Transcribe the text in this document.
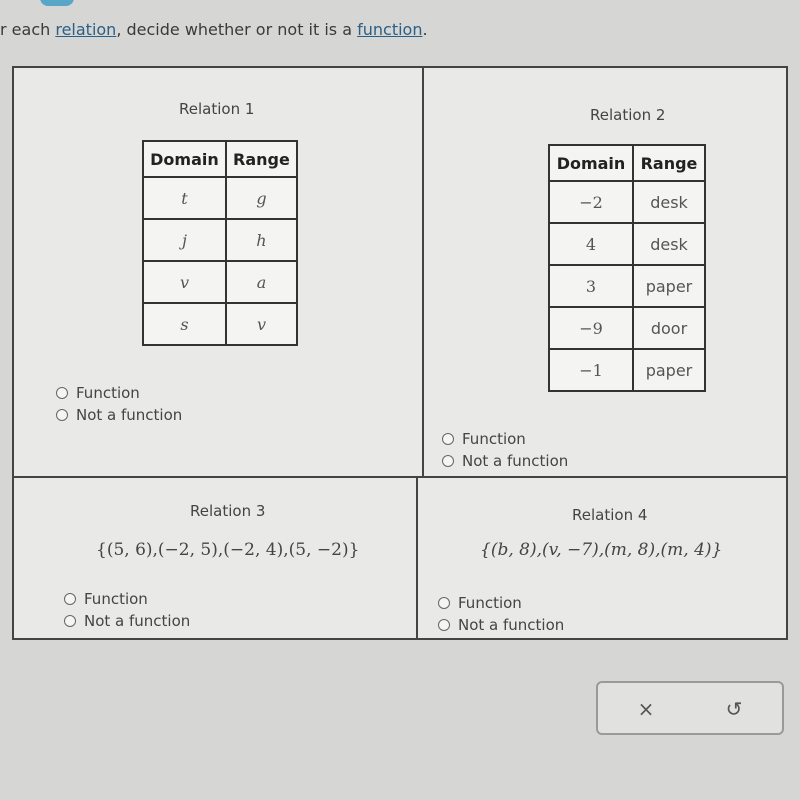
r each relation, decide whether or not it is a function.
Relation 1
Domain	Range
t	g
j	h
v	a
s	v
Function
Not a function
Relation 2
Domain	Range
−2	desk
4	desk
3	paper
−9	door
−1	paper
Function
Not a function
Relation 3
{(5, 6),(−2, 5),(−2, 4),(5, −2)}
Function
Not a function
Relation 4
{(b, 8),(v, −7),(m, 8),(m, 4)}
Function
Not a function
×	↺
